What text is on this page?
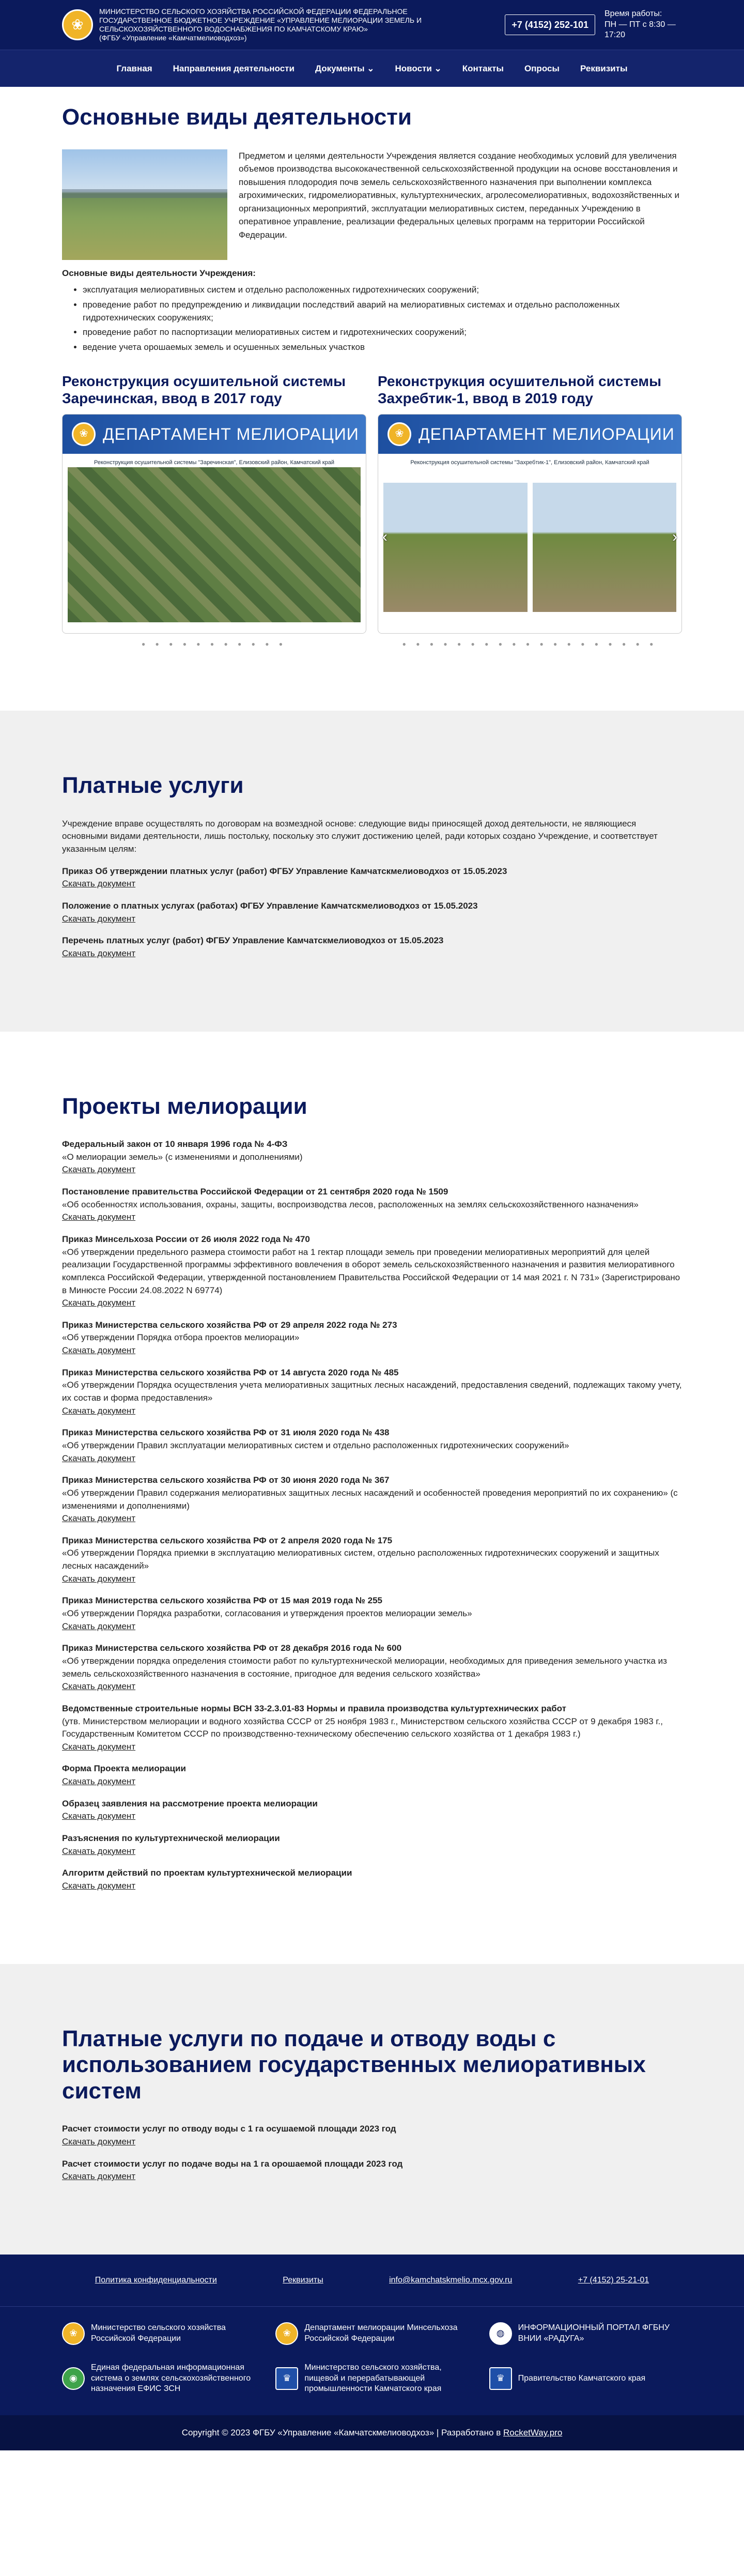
❀
МИНИСТЕРСТВО СЕЛЬСКОГО ХОЗЯЙСТВА РОССИЙСКОЙ ФЕДЕРАЦИИ ФЕДЕРАЛЬНОЕ ГОСУДАРСТВЕННОЕ БЮДЖЕТНОЕ УЧРЕЖДЕНИЕ «УПРАВЛЕНИЕ МЕЛИОРАЦИИ ЗЕМЕЛЬ И СЕЛЬСКОХОЗЯЙСТВЕННОГО ВОДОСНАБЖЕНИЯ ПО КАМЧАТСКОМУ КРАЮ»
(ФГБУ «Управление «Камчатмелиоводхоз»)
+7 (4152) 252-101
Время работы:
ПН — ПТ с 8:30 — 17:20
Главная	Направления деятельности	Документы ⌄	Новости ⌄	Контакты	Опросы	Реквизиты
Основные виды деятельности

Предметом и целями деятельности Учреждения является создание необходимых условий для увеличения объемов производства высококачественной сельскохозяйственной продукции на основе восстановления и повышения плодородия почв земель сельскохозяйственного назначения при выполнении комплекса агрохимических, гидромелиоративных, культуртехнических, агролесомелиоративных, водохозяйственных и организационных мероприятий, эксплуатации мелиоративных систем, переданных Учреждению в оперативное управление, реализации федеральных целевых программ на территории Российской Федерации.

Основные виды деятельности Учреждения:

• эксплуатация мелиоративных систем и отдельно расположенных гидротехнических сооружений;
• проведение работ по предупреждению и ликвидации последствий аварий на мелиоративных системах и отдельно расположенных гидротехнических сооружениях;
• проведение работ по паспортизации мелиоративных систем и гидротехнических сооружений;
• ведение учета орошаемых земель и осушенных земельных участков
Реконструкция осушительной системы Заречинская, ввод в 2017 году
❀ ДЕПАРТАМЕНТ МЕЛИОРАЦИИ
Реконструкция осушительной системы "Заречинская", Елизовский район, Камчатский край
● ● ● ● ● ● ● ● ● ● ●
Реконструкция осушительной системы Захребтик-1, ввод в 2019 году
❀ ДЕПАРТАМЕНТ МЕЛИОРАЦИИ
Реконструкция осушительной системы "Захребтик-1", Елизовский район, Камчатский край
‹	›
● ● ● ● ● ● ● ● ● ● ● ● ● ● ● ● ● ● ●
Платные услуги

Учреждение вправе осуществлять по договорам на возмездной основе: следующие виды приносящей доход деятельности, не являющиеся основными видами деятельности, лишь постольку, поскольку это служит достижению целей, ради которых создано Учреждение, и соответствует указанным целям:

Приказ Об утверждении платных услуг (работ) ФГБУ Управление Камчатскмелиоводхоз от 15.05.2023
Скачать документ
Положение о платных услугах (работах) ФГБУ Управление Камчатскмелиоводхоз от 15.05.2023
Скачать документ
Перечень платных услуг (работ) ФГБУ Управление Камчатскмелиоводхоз от 15.05.2023
Скачать документ
Проекты мелиорации
Федеральный закон от 10 января 1996 года № 4-ФЗ
«О мелиорации земель» (с изменениями и дополнениями)
Скачать документ
Постановление правительства Российской Федерации от 21 сентября 2020 года № 1509
«Об особенностях использования, охраны, защиты, воспроизводства лесов, расположенных на землях сельскохозяйственного назначения»
Скачать документ
Приказ Минсельхоза России от 26 июля 2022 года № 470
«Об утверждении предельного размера стоимости работ на 1 гектар площади земель при проведении мелиоративных мероприятий для целей реализации Государственной программы эффективного вовлечения в оборот земель сельскохозяйственного назначения и развития мелиоративного комплекса Российской Федерации, утвержденной постановлением Правительства Российской Федерации от 14 мая 2021 г. N 731» (Зарегистрировано в Минюсте России 24.08.2022 N 69774)
Скачать документ
Приказ Министерства сельского хозяйства РФ от 29 апреля 2022 года № 273
«Об утверждении Порядка отбора проектов мелиорации»
Скачать документ
Приказ Министерства сельского хозяйства РФ от 14 августа 2020 года № 485
«Об утверждении Порядка осуществления учета мелиоративных защитных лесных насаждений, предоставления сведений, подлежащих такому учету, их состав и форма предоставления»
Скачать документ
Приказ Министерства сельского хозяйства РФ от 31 июля 2020 года № 438
«Об утверждении Правил эксплуатации мелиоративных систем и отдельно расположенных гидротехнических сооружений»
Скачать документ
Приказ Министерства сельского хозяйства РФ от 30 июня 2020 года № 367
«Об утверждении Правил содержания мелиоративных защитных лесных насаждений и особенностей проведения мероприятий по их сохранению» (с изменениями и дополнениями)
Скачать документ
Приказ Министерства сельского хозяйства РФ от 2 апреля 2020 года № 175
«Об утверждении Порядка приемки в эксплуатацию мелиоративных систем, отдельно расположенных гидротехнических сооружений и защитных лесных насаждений»
Скачать документ
Приказ Министерства сельского хозяйства РФ от 15 мая 2019 года № 255
«Об утверждении Порядка разработки, согласования и утверждения проектов мелиорации земель»
Скачать документ
Приказ Министерства сельского хозяйства РФ от 28 декабря 2016 года № 600
«Об утверждении порядка определения стоимости работ по культуртехнической мелиорации, необходимых для приведения земельного участка из земель сельскохозяйственного назначения в состояние, пригодное для ведения сельского хозяйства»
Скачать документ
Ведомственные строительные нормы ВСН 33-2.3.01-83 Нормы и правила производства культуртехнических работ
(утв. Министерством мелиорации и водного хозяйства СССР от 25 ноября 1983 г., Министерством сельского хозяйства СССР от 9 декабря 1983 г., Государственным Комитетом СССР по производственно-техническому обеспечению сельского хозяйства от 1 декабря 1983 г.)
Скачать документ
Форма Проекта мелиорации
Скачать документ
Образец заявления на рассмотрение проекта мелиорации
Скачать документ
Разъяснения по культуртехнической мелиорации
Скачать документ
Алгоритм действий по проектам культуртехнической мелиорации
Скачать документ
Платные услуги по подаче и отводу воды с использованием государственных мелиоративных систем
Расчет стоимости услуг по отводу воды с 1 га осушаемой площади 2023 год
Скачать документ
Расчет стоимости услуг по подаче воды на 1 га орошаемой площади 2023 год
Скачать документ
Политика конфиденциальности	Реквизиты	info@kamchatskmelio.mcx.gov.ru	+7 (4152) 25-21-01
❀
Министерство сельского хозяйства Российской Федерации
❀
Департамент мелиорации Минсельхоза Российской Федерации
◍
ИНФОРМАЦИОННЫЙ ПОРТАЛ ФГБНУ ВНИИ «РАДУГА»
◉
Единая федеральная информационная система о землях сельскохозяйственного назначения ЕФИС ЗСН
♛
Министерство сельского хозяйства, пищевой и перерабатывающей промышленности Камчатского края
♛	Правительство Камчатского края
Copyright © 2023 ФГБУ «Управление «Камчатскмелиоводхоз» | Разработано в RocketWay.pro
